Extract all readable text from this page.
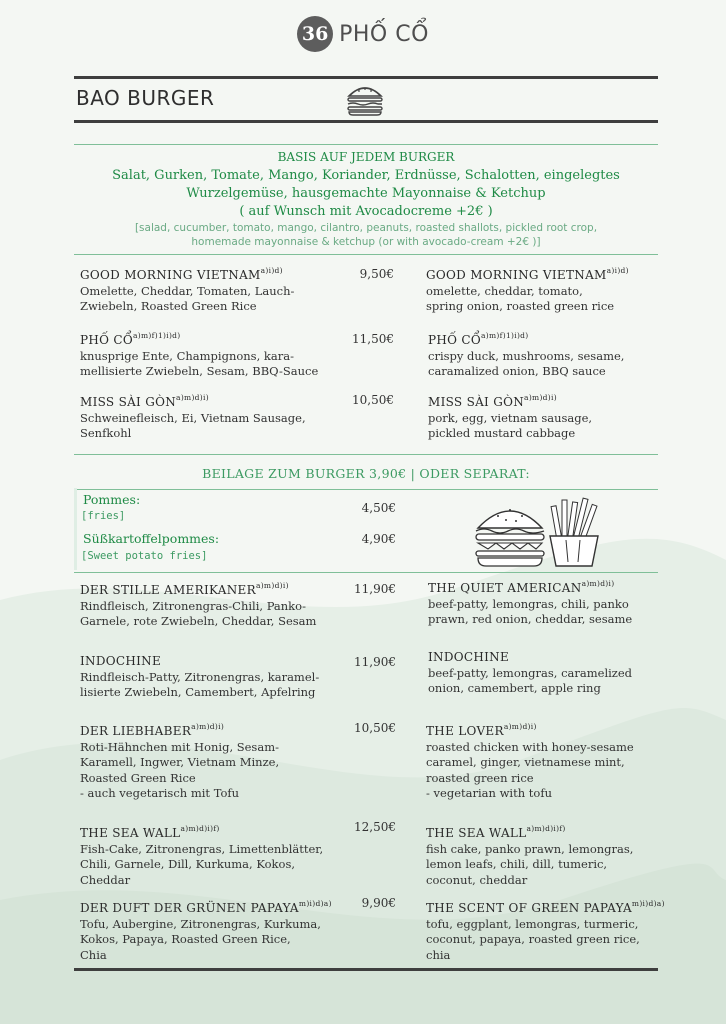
36 PHỐ CỔ
BAO BURGER
BASIS AUF JEDEM BURGER
Salat, Gurken, Tomate, Mango, Koriander, Erdnüsse, Schalotten, eingelegtes
Wurzelgemüse, hausgemachte Mayonnaise & Ketchup
( auf Wunsch mit Avocadocreme +2€ )
[salad, cucumber, tomato, mango, cilantro, peanuts, roasted shallots, pickled root crop,
homemade mayonnaise & ketchup (or with avocado-cream +2€ )]
GOOD MORNING $VIETNAM^{a)i)d)}$
Omelette, Cheddar, Tomaten, Lauch-
Zwiebeln, Roasted Green Rice
9,50€	GOOD MORNING $VIETNAM^{a)i)d)}$
omelette, cheddar, tomato,
spring onion, roasted green rice
PHỐ CỔ$^{a)m)f)1)i)d)}$
knusprige Ente, Champignons, kara-
mellisierte Zwiebeln, Sesam, BBQ-Sauce
11,50€	PHỐ CỔ$^{a)m)f)1)i)d)}$
crispy duck, mushrooms, sesame,
caramalized onion, BBQ sauce
MISS SÀI $GÒN^{a)m)d)i)}$
Schweinefleisch, Ei, Vietnam Sausage,
Senfkohl
10,50€	MISS SÀI $GÒN^{a)m)d)i)}$
pork, egg, vietnam sausage,
pickled mustard cabbage
BEILAGE ZUM BURGER 3,90€ | ODER SEPARAT:
Pommes:
[fries]
4,50€
Süßkartoffelpommes:
[Sweet potato fries]
4,90€
DER STILLE $AMERIKANER^{a)m)d)i)}$
Rindfleisch, Zitronengras-Chili, Panko-
Garnele, rote Zwiebeln, Cheddar, Sesam
11,90€	THE QUIET $AMERICAN^{a)m)d)i)}$
beef-patty, lemongras, chili, panko
prawn, red onion, cheddar, sesame
INDOCHINE
Rindfleisch-Patty, Zitronengras, karamel-
lisierte Zwiebeln, Camembert, Apfelring
11,90€	INDOCHINE
beef-patty, lemongras, caramelized
onion, camembert, apple ring
DER $LIEBHABER^{a)m)d)i)}$
Roti-Hähnchen mit Honig, Sesam-
Karamell, Ingwer, Vietnam Minze,
Roasted Green Rice
- auch vegetarisch mit Tofu
10,50€	THE $LOVER^{a)m)d)i)}$
roasted chicken with honey-sesame
caramel, ginger, vietnamese mint,
roasted green rice
- vegetarian with tofu
THE SEA $WALL^{a)m)d)i)f)}$
Fish-Cake, Zitronengras, Limettenblätter,
Chili, Garnele, Dill, Kurkuma, Kokos,
Cheddar
12,50€	THE SEA $WALL^{a)m)d)i)f)}$
fish cake, panko prawn, lemongras,
lemon leafs, chili, dill, tumeric,
coconut, cheddar
DER DUFT DER GRÜNEN $PAPAYA^{m)i)d)a)}$
Tofu, Aubergine, Zitronengras, Kurkuma,
Kokos, Papaya, Roasted Green Rice,
Chia
9,90€	THE SCENT OF GREEN $PAPAYA^{m)i)d)a)}$
tofu, eggplant, lemongras, turmeric,
coconut, papaya, roasted green rice,
chia
